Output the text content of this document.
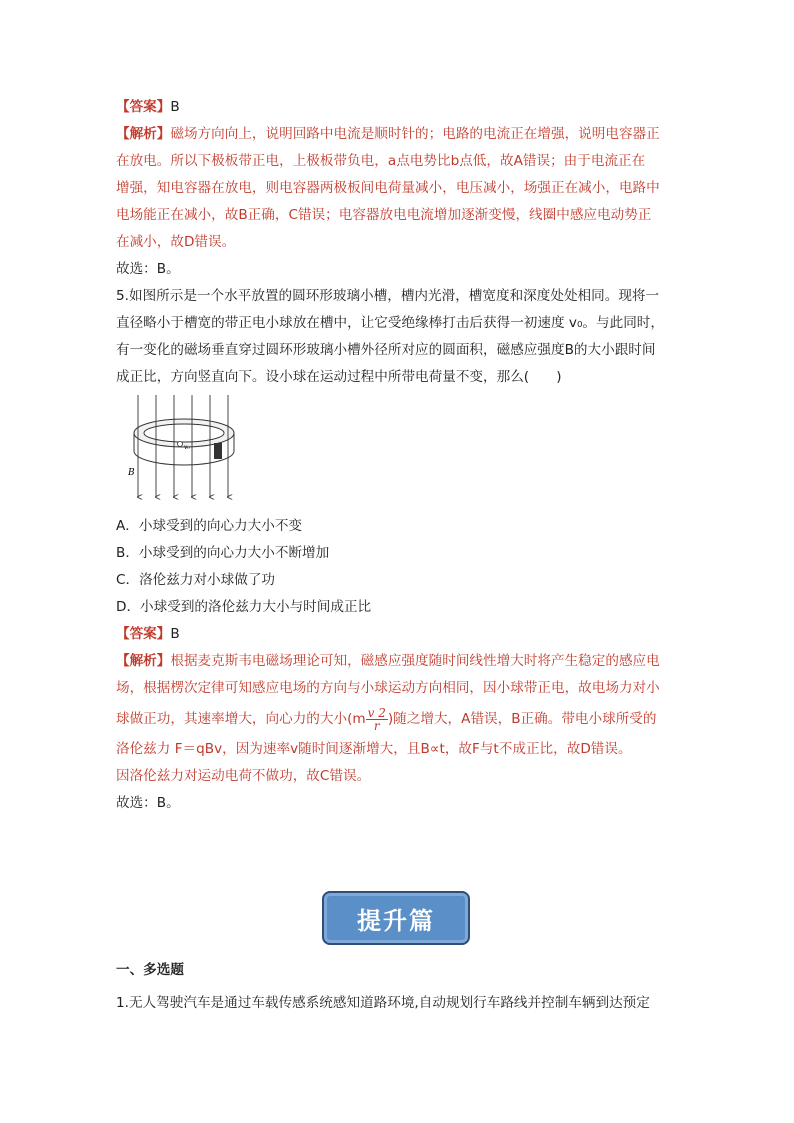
【答案】B

【解析】磁场方向向上，说明回路中电流是顺时针的；电路的电流正在增强，说明电容器正

在放电。所以下极板带正电，上极板带负电，a点电势比b点低，故A错误；由于电流正在

增强，知电容器在放电，则电容器两极板间电荷量减小，电压减小，场强正在减小，电路中

电场能正在减小，故B正确，C错误；电容器放电电流增加逐渐变慢，线圈中感应电动势正

在减小，故D错误。

故选：B。

5.如图所示是一个水平放置的圆环形玻璃小槽，槽内光滑，槽宽度和深度处处相同。现将一

直径略小于槽宽的带正电小球放在槽中，让它受绝缘棒打击后获得一初速度 v₀。与此同时，

有一变化的磁场垂直穿过圆环形玻璃小槽外径所对应的圆面积，磁感应强度B的大小跟时间

成正比，方向竖直向下。设小球在运动过程中所带电荷量不变，那么(　　)

B
v₀

A．小球受到的向心力大小不变

B．小球受到的向心力大小不断增加

C．洛伦兹力对小球做了功

D．小球受到的洛伦兹力大小与时间成正比

【答案】B

【解析】根据麦克斯韦电磁场理论可知，磁感应强度随时间线性增大时将产生稳定的感应电

场，根据楞次定律可知感应电场的方向与小球运动方向相同，因小球带正电，故电场力对小

球做正功，其速率增大，向心力的大小($m \frac{v 2}{r}$ )随之增大，A错误，B正确。带电小球所受的

洛伦兹力 F＝qBv，因为速率v随时间逐渐增大，且B∝t，故F与t不成正比，故D错误。

因洛伦兹力对运动电荷不做功，故C错误。

故选：B。

提升篇

一、多选题

1.无人驾驶汽车是通过车载传感系统感知道路环境,自动规划行车路线并控制车辆到达预定
